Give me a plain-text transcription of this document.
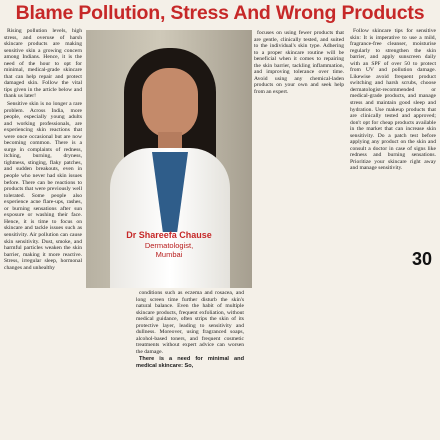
Blame Pollution, Stress And Wrong Products

Rising pollution levels, high stress, and overuse of harsh skincare products are making sensitive skin a growing concern among Indians. Hence, it is the need of the hour to opt for minimal, medical-grade skincare that can help repair and protect damaged skin. Follow the vital tips given in the article below and thank us later!

Sensitive skin is no longer a rare problem. Across India, more people, especially young adults and working professionals, are experiencing skin reactions that were once occasional but are now becoming common. There is a surge in complaints of redness, itching, burning, dryness, tightness, stinging, flaky patches, and sudden breakouts, even in people who never had skin issues before. There can be reactions to products that were previously well tolerated. Some people also experience acne flare-ups, rashes, or burning sensations after sun exposure or washing their face. Hence, it is time to focus on skincare and tackle issues such as sensitivity. Air pollution can cause skin sensitivity. Dust, smoke, and harmful particles weaken the skin barrier, making it more reactive. Stress, irregular sleep, hormonal changes and unhealthy

Dr Shareefa Chause
Dermatologist,
Mumbai

focuses on using fewer products that are gentle, clinically tested, and suited to the individual's skin type. Adhering to a proper skincare routine will be beneficial when it comes to repairing the skin barrier, tackling inflammation, and improving tolerance over time. Avoid using any chemical-laden products on your own and seek help from an expert.

conditions such as eczema and rosacea, and long screen time further disturb the skin's natural balance. Even the habit of multiple skincare products, frequent exfoliation, without medical guidance, often strips the skin of its protective layer, leading to sensitivity and dullness. Moreover, using fragranced soaps, alcohol-based toners, and frequent cosmetic treatments without expert advice can worsen the damage.

There is a need for minimal and medical skincare: So,

Follow skincare tips for sensitive skin: It is imperative to use a mild, fragrance-free cleanser, moisturise regularly to strengthen the skin barrier, and apply sunscreen daily with an SPF of over 50 to protect from UV and pollution damage. Likewise avoid frequent product switching and harsh scrubs, choose dermatologist-recommended or medical-grade products, and manage stress and maintain good sleep and hydration. Use makeup products that are clinically tested and approved; don't opt for cheap products available in the market that can increase skin sensitivity. Do a patch test before applying any product on the skin and consult a doctor in case of signs like redness and burning sensations. Prioritize your skincare right away and manage sensitivity.

30
